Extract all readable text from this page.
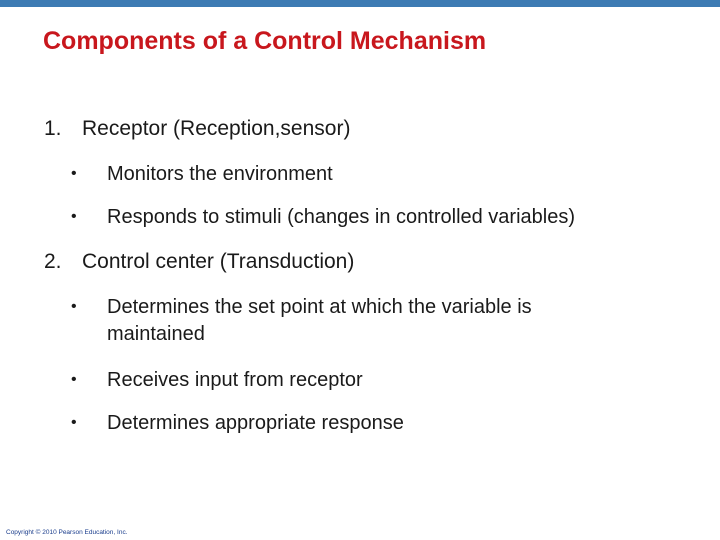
Components of a Control Mechanism
1. Receptor (Reception,sensor)
• Monitors the environment
• Responds to stimuli (changes in controlled variables)
2. Control center (Transduction)
• Determines the set point at which the variable is
maintained
• Receives input from receptor
• Determines appropriate response
Copyright © 2010 Pearson Education, Inc.
